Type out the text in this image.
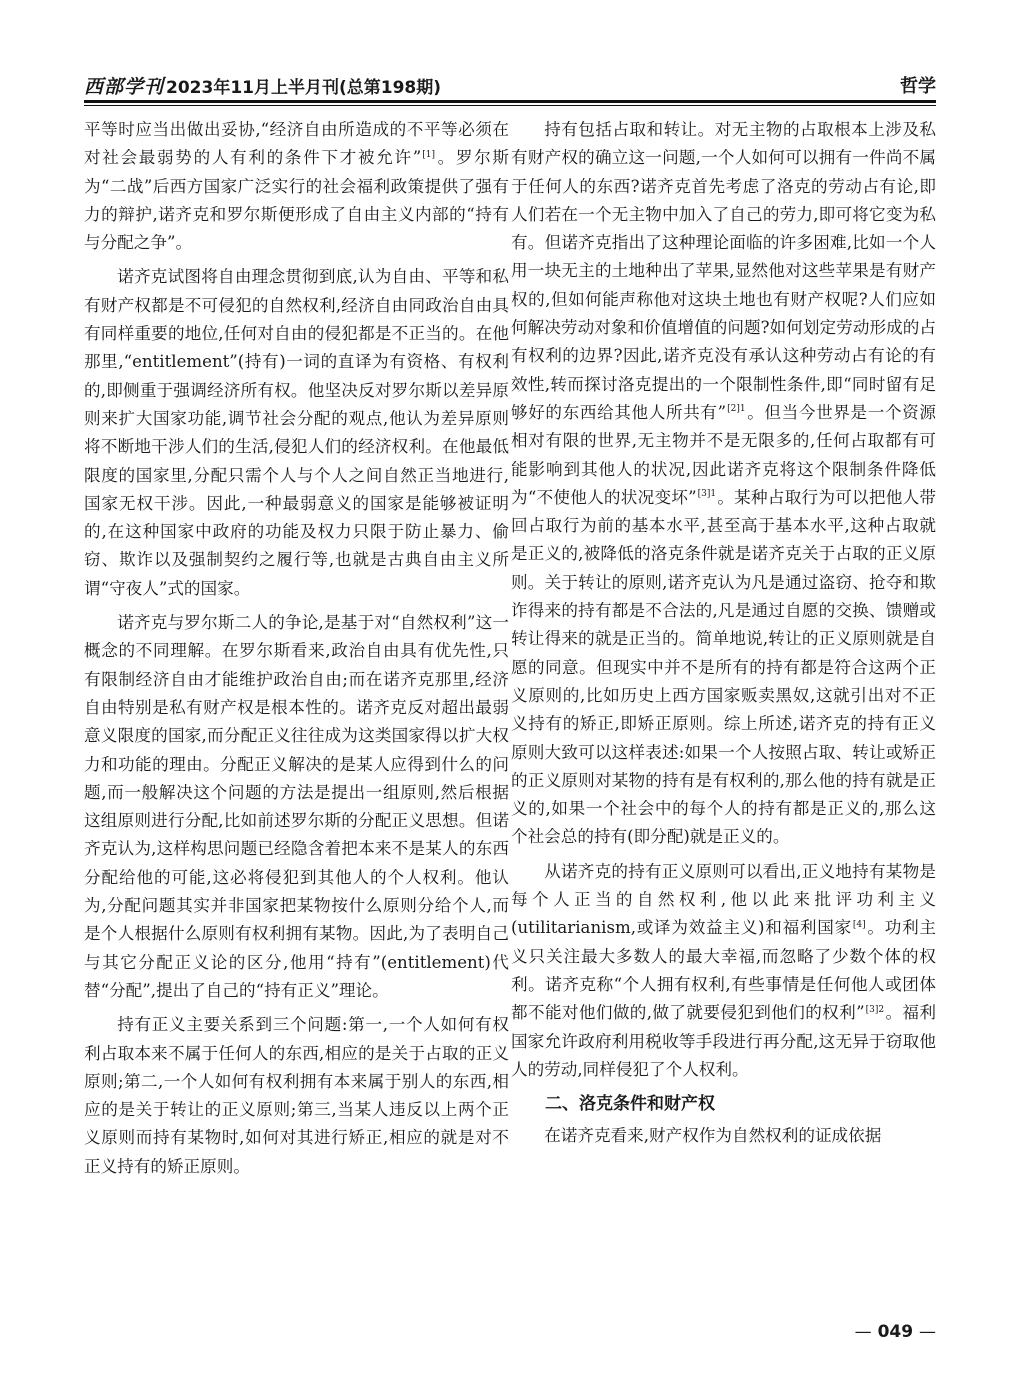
西部学刊 2023年11月上半月刊(总第198期)	哲学

平等时应当出做出妥协,“经济自由所造成的不平等必须在对社会最弱势的人有利的条件下才被允许”[1]。罗尔斯为“二战”后西方国家广泛实行的社会福利政策提供了强有力的辩护,诺齐克和罗尔斯便形成了自由主义内部的“持有与分配之争”。

诺齐克试图将自由理念贯彻到底,认为自由、平等和私有财产权都是不可侵犯的自然权利,经济自由同政治自由具有同样重要的地位,任何对自由的侵犯都是不正当的。在他那里,“entitlement”(持有)一词的直译为有资格、有权利的,即侧重于强调经济所有权。他坚决反对罗尔斯以差异原则来扩大国家功能,调节社会分配的观点,他认为差异原则将不断地干涉人们的生活,侵犯人们的经济权利。在他最低限度的国家里,分配只需个人与个人之间自然正当地进行,国家无权干涉。因此,一种最弱意义的国家是能够被证明的,在这种国家中政府的功能及权力只限于防止暴力、偷窃、欺诈以及强制契约之履行等,也就是古典自由主义所谓“守夜人”式的国家。

诺齐克与罗尔斯二人的争论,是基于对“自然权利”这一概念的不同理解。在罗尔斯看来,政治自由具有优先性,只有限制经济自由才能维护政治自由;而在诺齐克那里,经济自由特别是私有财产权是根本性的。诺齐克反对超出最弱意义限度的国家,而分配正义往往成为这类国家得以扩大权力和功能的理由。分配正义解决的是某人应得到什么的问题,而一般解决这个问题的方法是提出一组原则,然后根据这组原则进行分配,比如前述罗尔斯的分配正义思想。但诺齐克认为,这样构思问题已经隐含着把本来不是某人的东西分配给他的可能,这必将侵犯到其他人的个人权利。他认为,分配问题其实并非国家把某物按什么原则分给个人,而是个人根据什么原则有权利拥有某物。因此,为了表明自己与其它分配正义论的区分,他用“持有”(entitlement)代替“分配”,提出了自己的“持有正义”理论。

持有正义主要关系到三个问题:第一,一个人如何有权利占取本来不属于任何人的东西,相应的是关于占取的正义原则;第二,一个人如何有权利拥有本来属于别人的东西,相应的是关于转让的正义原则;第三,当某人违反以上两个正义原则而持有某物时,如何对其进行矫正,相应的就是对不正义持有的矫正原则。

持有包括占取和转让。对无主物的占取根本上涉及私有财产权的确立这一问题,一个人如何可以拥有一件尚不属于任何人的东西?诺齐克首先考虑了洛克的劳动占有论,即人们若在一个无主物中加入了自己的劳力,即可将它变为私有。但诺齐克指出了这种理论面临的许多困难,比如一个人用一块无主的土地种出了苹果,显然他对这些苹果是有财产权的,但如何能声称他对这块土地也有财产权呢?人们应如何解决劳动对象和价值增值的问题?如何划定劳动形成的占有权利的边界?因此,诺齐克没有承认这种劳动占有论的有效性,转而探讨洛克提出的一个限制性条件,即“同时留有足够好的东西给其他人所共有”$^{[2]1}$。但当今世界是一个资源相对有限的世界,无主物并不是无限多的,任何占取都有可能影响到其他人的状况,因此诺齐克将这个限制条件降低为“不使他人的状况变坏”$^{[3]1}$。某种占取行为可以把他人带回占取行为前的基本水平,甚至高于基本水平,这种占取就是正义的,被降低的洛克条件就是诺齐克关于占取的正义原则。关于转让的原则,诺齐克认为凡是通过盗窃、抢夺和欺诈得来的持有都是不合法的,凡是通过自愿的交换、馈赠或转让得来的就是正当的。简单地说,转让的正义原则就是自愿的同意。但现实中并不是所有的持有都是符合这两个正义原则的,比如历史上西方国家贩卖黑奴,这就引出对不正义持有的矫正,即矫正原则。综上所述,诺齐克的持有正义原则大致可以这样表述:如果一个人按照占取、转让或矫正的正义原则对某物的持有是有权利的,那么他的持有就是正义的,如果一个社会中的每个人的持有都是正义的,那么这个社会总的持有(即分配)就是正义的。

从诺齐克的持有正义原则可以看出,正义地持有某物是每个人正当的自然权利,他以此来批评功利主义(utilitarianism,或译为效益主义)和福利国家[4]。功利主义只关注最大多数人的最大幸福,而忽略了少数个体的权利。诺齐克称“个人拥有权利,有些事情是任何他人或团体都不能对他们做的,做了就要侵犯到他们的权利”$^{[3]2}$。福利国家允许政府利用税收等手段进行再分配,这无异于窃取他人的劳动,同样侵犯了个人权利。

二、洛克条件和财产权

在诺齐克看来,财产权作为自然权利的证成依据

— 049 —
